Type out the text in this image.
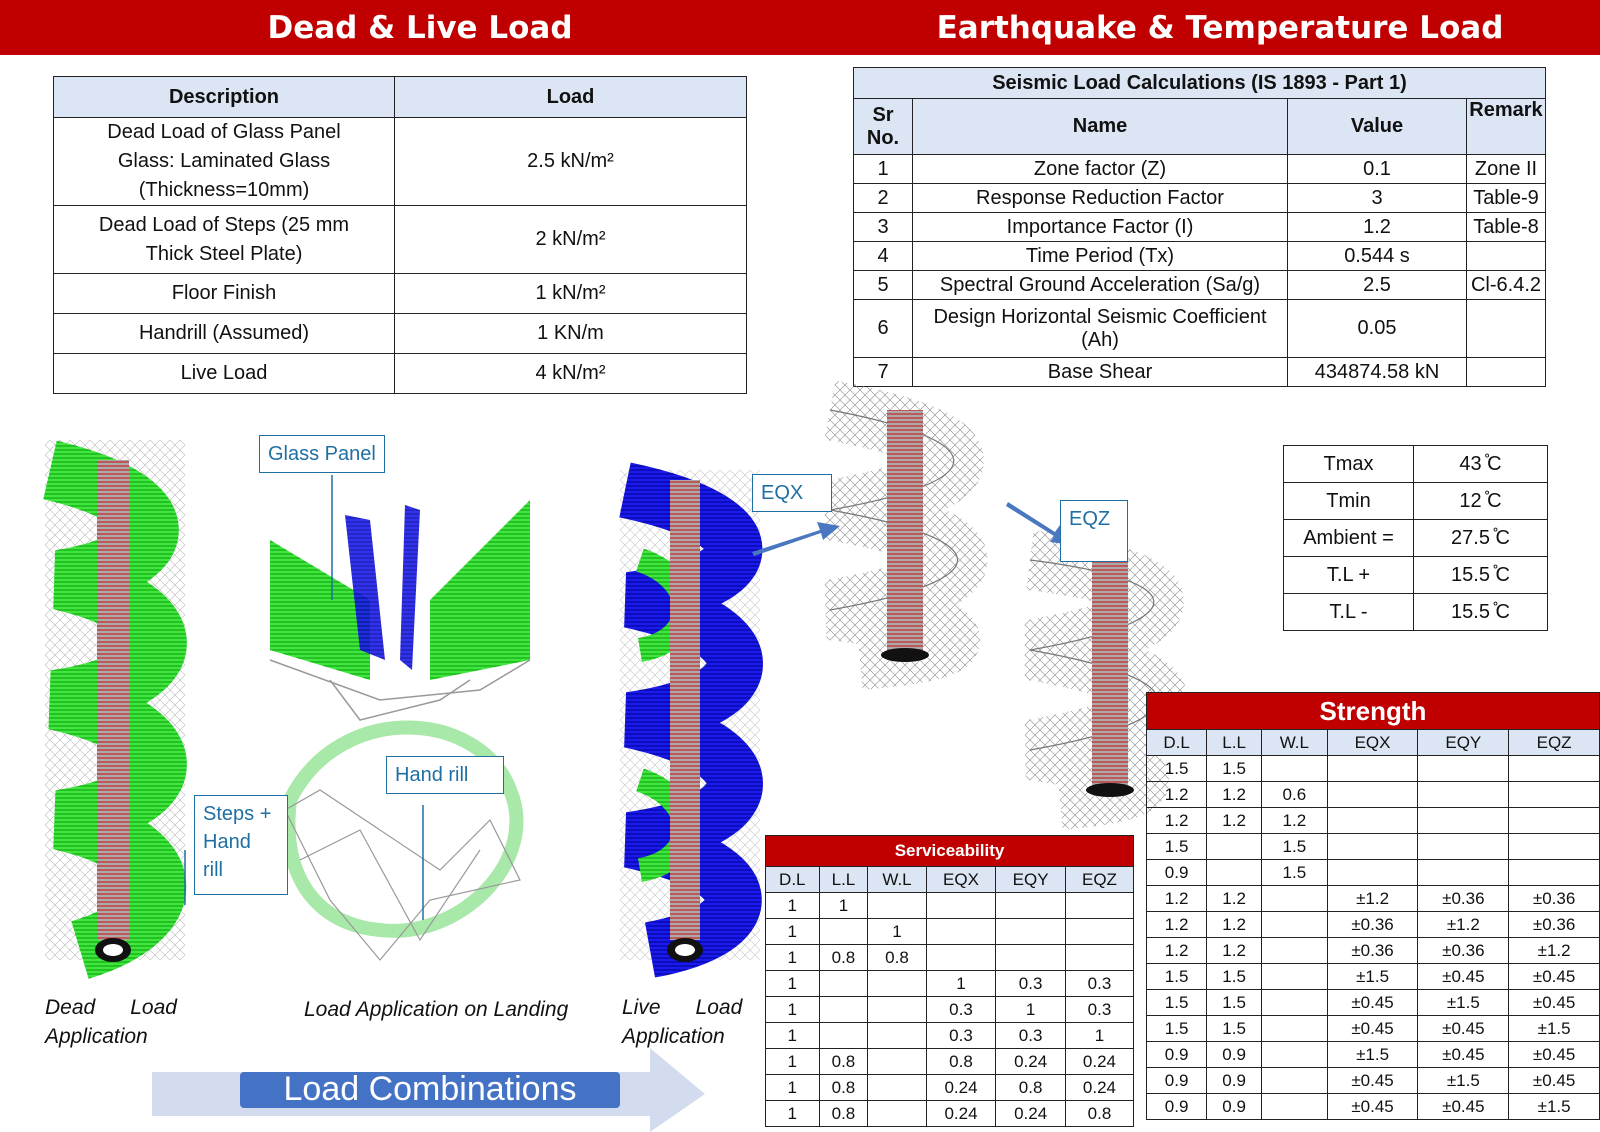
Dead & Live Load	Earthquake & Temperature Load
Description	Load

Dead Load of Glass Panel
Glass: Laminated Glass
(Thickness=10mm)	2.5 kN/m²

Dead Load of Steps (25 mm
Thick Steel Plate)	2 kN/m²

Floor Finish	1 kN/m²

Handrill (Assumed)	1 KN/m

Live Load	4 kN/m²
Seismic Load Calculations (IS 1893 - Part 1)			
Sr No.	Name	Value	Remark
1	Zone factor (Z)	0.1	Zone II
2	Response Reduction Factor	3	Table-9
3	Importance Factor (I)	1.2	Table-8
4	Time Period (Tx)	0.544 s	
5	Spectral Ground Acceleration (Sa/g)	2.5	Cl-6.4.2
6	Design Horizontal Seismic Coefficient
(Ah)	0.05	
7	Base Shear	434874.58 kN	
Tmax	43 ̊C
Tmin	12 ̊C
Ambient =	27.5 ̊C
T.L +	15.5 ̊C
T.L -	15.5 ̊C
Load Combinations
Glass Panel
EQX
EQZ
Steps +
Hand
rill
Hand rill
Dead      Load
Application
Load Application on Landing	Live      Load
Application
Serviceability					
D.L	L.L	W.L	EQX	EQY	EQZ
1	1				
1		1			
1	0.8	0.8			
1			1	0.3	0.3
1			0.3	1	0.3
1			0.3	0.3	1
1	0.8		0.8	0.24	0.24
1	0.8		0.24	0.8	0.24
1	0.8		0.24	0.24	0.8
Strength					
D.L	L.L	W.L	EQX	EQY	EQZ
1.5	1.5				
1.2	1.2	0.6			
1.2	1.2	1.2			
1.5		1.5			
0.9		1.5			
1.2	1.2		±1.2	±0.36	±0.36
1.2	1.2		±0.36	±1.2	±0.36
1.2	1.2		±0.36	±0.36	±1.2
1.5	1.5		±1.5	±0.45	±0.45
1.5	1.5		±0.45	±1.5	±0.45
1.5	1.5		±0.45	±0.45	±1.5
0.9	0.9		±1.5	±0.45	±0.45
0.9	0.9		±0.45	±1.5	±0.45
0.9	0.9		±0.45	±0.45	±1.5
